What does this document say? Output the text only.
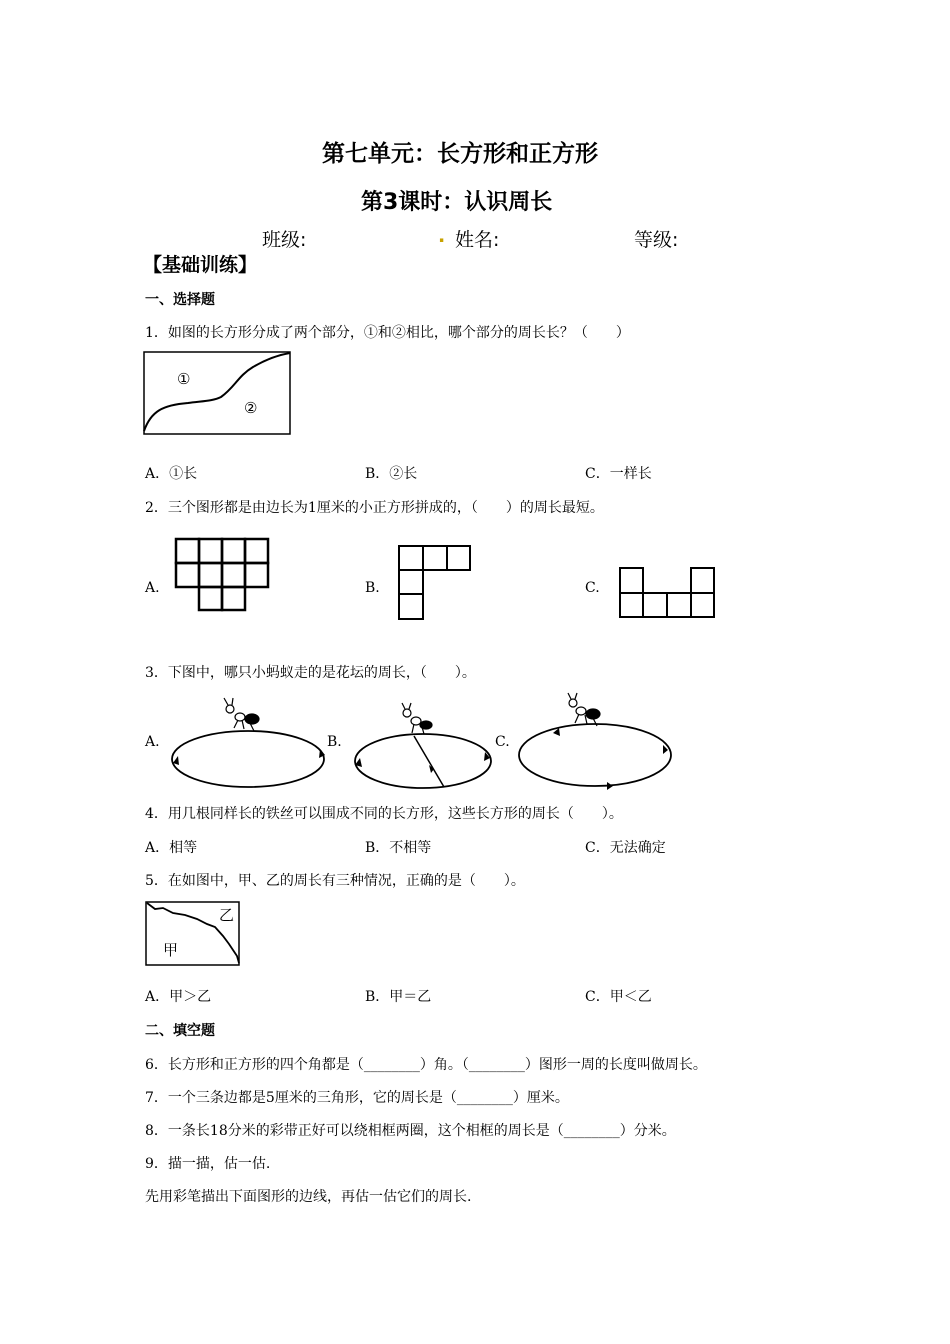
第七单元：长方形和正方形
第3课时：认识周长
班级:	. 姓名:	等级:
【基础训练】
一、选择题
1．如图的长方形分成了两个部分，①和②相比，哪个部分的周长长？（　　）
①
②
A．①长	B．②长	C．一样长
2．三个图形都是由边长为1厘米的小正方形拼成的，（　　）的周长最短。
A.	B.	C.
3．下图中，哪只小蚂蚁走的是花坛的周长，（　　）。
A.	B.	C.
4．用几根同样长的铁丝可以围成不同的长方形，这些长方形的周长（　　）。
A．相等	B．不相等	C．无法确定
5．在如图中，甲、乙的周长有三种情况，正确的是（　　）。
乙
甲
A．甲＞乙	B．甲＝乙	C．甲＜乙
二、填空题
6．长方形和正方形的四个角都是（________）角。（________）图形一周的长度叫做周长。
7．一个三条边都是5厘米的三角形，它的周长是（________）厘米。
8．一条长18分米的彩带正好可以绕相框两圈，这个相框的周长是（________）分米。
9．描一描，估一估.
先用彩笔描出下面图形的边线，再估一估它们的周长.
